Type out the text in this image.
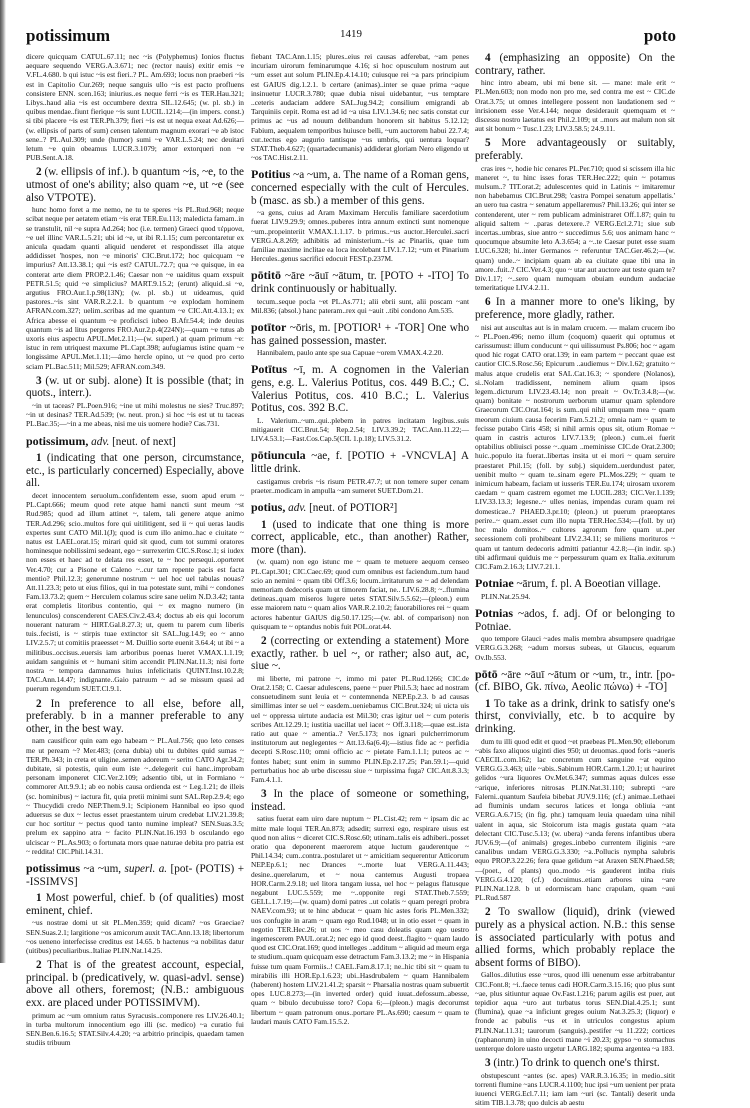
potissimum	1419	poto

dicere quicquam CATUL.67.11; nec ~is (Polyphemus) Ionios fluctus aequare sequendo VERG.A.3.671; nec (rector nauis) exitir emis ~e V.FL.4.680. b qui istuc ~is est fieri..? PL. Am.693; locus non praeberi ~is est in Capitolio Cur.269; neque sanguis ullo ~is est pacto profluens consistere ENN. scen.163; iniurius..es neque ferri ~is es TER.Hau.321; Libys..haud alia ~is est occumbere dextra SIL.12.645; (w. pl. sb.) in quibus mendae..fiunt fierique ~is sunt LUCIL.1214;—(in impers. const.) si tibi placere ~is est TER.Ph.379; fieri ~is est ut nequa exeat Ad.626;—(w. ellipsis of parts of sum) censen talentum magnum exorari ~e ab istoc sene..? PL.Aul.309; unde (humor) sumi ~e VAR.L.5.24; nec deuitari letum ~e quin obeamus LUCR.3.1079; amor extorqueri non ~e PUB.Sent.A.18.

2 (w. ellipsis of inf.). b quantum ~is, ~e, to the utmost of one's ability; also quam ~e, ut ~e (see also VTPOTE).

hunc homo foret a me nemo, ne tu te speres ~is PL.Rud.968; neque scibat neque per aetatem etiam ~is erat TER.Eu.113; maledicta famam..in se transtulit, nil ~e supra Ad.264; hoc (i.e. termen) Graeci quod τέρμονα, ~e uel illinc VAR.L.5.21; ubi id ~e, ut ibi R.1.15; cum percontaretur ex anicula quadam quanti aliquid uenderet et respondisset illa atque addidisset 'hospes, non ~e minoris' CIC.Brut.172; hoc quicquam ~e impurius? Att.13.38.1; qui ~is est? CATUL.72.7; qua ~e quisque, in ea conterat arte diem PROP.2.1.46; Caesar non ~e uaiditus quam exspuit PETR.51.5; quid ~e simplicius? MART.9.15.2; (erunt) aliquid..si ~e, argutius FRO.Aur.1.p.98(13N); (w. pl. sb.) ut uideamus, quid pastores..~is sint VAR.R.2.2.1. b quantum ~e explodam hominem AFRAN.com.327; uelim..scribas ad me quantum ~e CIC.Att.4.13.1; ex Africa abesse ei quantum ~e proficisci iubeo B.Afr.54.4; inde deuius quantum ~is ad litus pergeres FRO.Aur.2.p.4(224N);—quam ~e tutus ab uxoris eius aspectu APUL.Met.2.11;—(w. superl.) at quam primum ~e: istuc in rem utriquest maxume PL.Capt.398; aufugiamus istinc quam ~e longissime APUL.Met.1.11;—ámo hercle opino, ut ~e quod pro certo sciam PL.Bac.511; Mil.529; AFRAN.com.349.

3 (w. ut or subj. alone) It is possible (that; in quots., interr.).

~in ut taceas? PL.Poen.916; ~ine ut mihi molestus ne sies? Truc.897; ~in ut desinas? TER.Ad.539; (w. neut. pron.) si hoc ~is est ut tu taceas PL.Bac.35;—~in a me abeas, nisi me uis uomere hodie? Cas.731.

potissimum, adv. [neut. of next]

1 (indicating that one person, circumstance, etc., is particularly concerned) Especially, above all.

decet innocentem seruolum..confidentem esse, suom apud erum ~ PL.Capt.666; meum quod rete atque hami nancti sunt meum ~st Rud.985; quod ad illum attinet ~, talem, tali genere atque animo TER.Ad.296; scio..multos fore qui uitilitigent, sed ii ~ qui ueras laudis expertes sunt CATO Mil.1(J); quod is cum illo animo..hac e ciuitate ~ natus est LAEL.orat.15; mirari quid sit quod, cum tot summi oratores hominesque nobilissimi sedeant, ego ~ surrexerim CIC.S.Rosc.1; si iudex non esses et haec ad te delata res esset, te ~ hoc persequi..oporteret Ver.4.70; cur a Pisone et Caleno ~..cur tam repente pacis est facta mentio? Phil.12.3; generumne nostrum ~ uel hoc uel tabulas nouas? Att.11.23.3; peto ut eius filios, qui in tua potestate sunt, mihi ~ condones Fam.13.73.2; quem ~ Herculem colamus scire sane uelim N.D.3.42; tanta erat completis litoribus contentio, qui ~ ex magno numero (in lenunculos) conscenderent CAES.Civ.2.43.4; doctus ab eis qui locorum nouerant naturam ~ HIRT.Gal.8.27.3; ut, quem tu parem cum liberis tuis..fecisti, is ~ stirpis tuae extinctor sit SAL.Jug.14.9; eo ~ anno LIV.2.5.7; ut comitiis praeesset ~ M. Duillio sorte euenit 3.64.4; ut ibi ~ a militibus..occisus..euersis iam arboribus poenas lueret V.MAX.1.1.19; auidam sanguinis et ~ humani sitim accendit PLIN.Nat.11.3; nisi forte nostra ~ tempora damnamus huius infelicitatis QUINT.Inst.10.2.8; TAC.Ann.14.47; indignante..Gaio patruum ~ ad se missum quasi ad puerum regendum SUET.Cl.9.1.

2 In preference to all else, before all, preferably. b in a manner preferable to any other, in the best way.

nam causificor quin eam ego habeam ~ PL.Aul.756; quo leto censes me ut peream ~? Mer.483; (cena dubia) ubi tu dubites quid sumas ~ TER.Ph.343; in creta et uligine..semen adoreum ~ serito CATO Agr.34.2; dubitate, si potestis, quin eum iste ~..delegerit cui hanc..improbam personam imponeret CIC.Ver.2.109; adsentio tibi, ut in Formiano ~ commorer Att.9.9.1; ab eo nobis causa ordienda est ~ Leg.1.21; de illeis (sc. hominibus) ~ iactura fit, quia pretii minimi sunt SAL.Rep.2.9.4; ego ~ Thucydidi credo NEP.Them.9.1; Scipionem Hannibal eo ipso quod aduersus se dux ~ lectus esset praestantem uirum credebat LIV.21.39.8; cur hoc sortitur ~ pectus quod tanto numine impleat? SEN.Suas.3.5; prelum ex sappino atra ~ facito PLIN.Nat.16.193 b osculando ego ulciscar ~ PL.As.903; o fortunata mors quae naturae debita pro patria est ~ reddita! CIC.Phil.14.31.

potissimus ~a ~um, superl. a. [pot- (POTIS) + -ISSIMVS]

1 Most powerful, chief. b (of qualities) most eminent, chief.

~us nostrae domi ut sit PL.Men.359; quid dicam? ~os Graeciae? SEN.Suas.2.1; largitione ~os amicorum auxit TAC.Ann.13.18; libertorum ~os ueneno interfecisse creditus est 14.65. b hactenus ~a nobilitas datur (uitibus) peculiaribus..Italiae PLIN.Nat.14.25.

2 That is of the greatest account, especial, principal. b (predicatively, w. quasi-advl. sense) above all others, foremost; (N.B.: ambiguous exx. are placed under POTISSIMVM).

primum ac ~um omnium ratus Syracusis..componere res LIV.26.40.1; in turba multorum innocentium ego illi (sc. medico) ~a curatio fui SEN.Ben.6.16.5; STAT.Silv.4.4.20; ~a arbitrio principis, quaedam tamen studiis tribuum

fiebant TAC.Ann.1.15; plures..eius rei causas adferebat, ~am penes incuriam uirorum feminarumque 4.16; si hoc opusculum nostrum aut ~um esset aut solum PLIN.Ep.4.14.10; cuiusque rei ~a pars principium est GAIUS dig.1.2.1. b certare (animas)..inter se quae prima ~aque insinuetur LUCR.3.780; quae dubia nisui uidebantur, ~us temptare ..ceteris audaciam addere SAL.Jug.94.2; consilium emigrandi ab Tarquiniis cepit. Roma est ad id ~a uisa LIV.1.34.6; nec satis constat cur primus ac ~us ad nouum delibandum honorem sit habitus 5.12.12; Fabium, aequalem temporibus huiusce belli, ~um auctorem habui 22.7.4; cur..tectus ego augurio tantisque ~us umbris, qui uentura loquar? STAT.Theb.4.627; (quartadecumanis) addiderat gloriam Nero eligendo ut ~os TAC.Hist.2.11.

Potitius ~a ~um, a. The name of a Roman gens, concerned especially with the cult of Hercules. b (masc. as sb.) a member of this gens.

~a gens, cuius ad Aram Maximam Herculis familiare sacerdotium fuerat LIV.9.29.9; omnes..puberes intra annum extincti sunt nomenque ~um..propeinteriit V.MAX.1.1.17. b primus..~us auctor..Herculei..sacri VERG.A.8.269; adhibitis ad ministerium..~is ac Pinariis, quae tum familiae maxime inclitae ea loca incolebant LIV.1.7.12; ~um et Pinarium Hercules..genus sacrifici edocuit FEST.p.237M.

pōtitō ~āre ~āuī ~ātum, tr. [POTO + -ITO] To drink continuously or habitually.

tecum..seque pocla ~et PL.As.771; alii ebrii sunt, alii poscam ~ant Mil.836; (absol.) hanc pateram..rex qui ~auit ..tibi condono Am.535.

potītor ~ōris, m. [POTIOR¹ + -TOR] One who has gained possession, master.

Hannibalem, paulo ante spe sua Capuae ~orem V.MAX.4.2.20.

Potītus ~ī, m. A cognomen in the Valerian gens, e.g. L. Valerius Potitus, cos. 449 B.C.; C. Valerius Potitus, cos. 410 B.C.; L. Valerius Potitus, cos. 392 B.C.

L. Valerium..~um..qui..plebem in patres incitatam legibus..suis mitigauerit CIC.Brut.54; Rep.2.54; LIV.3.39.2; TAC.Ann.11.22;—LIV.4.53.1;—Fast.Cos.Cap.5(CIL 1.p.18); LIV.5.31.2.

pōtiuncula ~ae, f. [POTIO + -VNCVLA] A little drink.

castigamus crebris ~is risum PETR.47.7; ut non temere super cenam praeter..modicam in ampulla ~am sumeret SUET.Dom.21.

potius, adv. [neut. of POTIOR²]

1 (used to indicate that one thing is more correct, applicable, etc., than another) Rather, more (than).

(w. quam) non ego istunc me ~ quam te metuere aequom censeo PL.Capt.301; CIC.Caec.69; quod cum omnibus est faciendum..tum haud scio an nemini ~ quam tibi Off.3.6; locum..irritaturum se ~ ad delendam memoriam dedecoris quam ut timorem faciat, ne.. LIV.6.28.8; ~..flumina detineas..quam miseros lugere uetes STAT.Silv.5.5.62;—(pleon.) eum esse maiorem natu ~ quam alios VAR.R.2.10.2; fauorabiliores rei ~ quam actores habentur GAIUS dig.50.17.125;—(w. abl. of comparison) non quisquam te ~ optandus nobis fuit POL.orat.44.

2 (correcting or extending a statement) More exactly, rather. b uel ~, or rather; also aut, ac, siue ~.

mi liberte, mi patrone ~, immo mi pater PL.Rud.1266; CIC.de Orat.2.158; C. Caesar adulescens, paene ~ puer Phil.5.3; haec ad nostram consuetudinem sunt leuia et ~ contemnenda NEP.Ep.2.3. b ad causas simillimas inter se uel ~ easdem..ueniebamus CIC.Brut.324; ui uicta uis uel ~ oppressa uirtute audacia est Mil.30; cras igitur uel ~ cum poteris scribes Att.12.29.1; iustitia uacillat uel iacet ~ Off.3.118;—quae est..ista ratio aut quae ~ amentia..? Ver.5.173; nos ignari pulcherrimorum institutorum aut neglegentes ~ Att.13.6a(6.4);—istius fide ac ~ perfidia decepti S.Rosc.110; omni officio ac ~ pietate Fam.1.1.1; puteos ac ~ fontes habet; sunt enim in summo PLIN.Ep.2.17.25; Pan.59.1;—quid perturbatius hoc ab urbe discessu siue ~ turpissima fuga? CIC.Att.8.3.3; Fam.4.1.1.

3 In the place of someone or something, instead.

satius fuerat eam uiro dare nuptum ~ PL.Cist.42; rem ~ ipsam dic ac mitte male loqui TER.An.873; adsedit; surrexi ego, respirare uisus est quod non alius ~ diceret CIC.S.Rosc.60; utinam..talis eis adhiberi..posset oratio qua deponerent maerorem atque luctum gauderentque ~ Phil.14.34; cum..contra..postularet ut ~ amicitiam sequerentur Atticorum NEP.Ep.6.1; nec Drances ~..morte luat VERG.A.11.443; desine..querelarum, et ~ noua cantemus Augusti tropaea HOR.Carm.2.9.18; uel litora tangam iussa, uel hoc ~ pelagus flatusque negabunt LUC.5.559; me ~..opponite regi STAT.Theb.7.559; GELL.1.7.19;—(w. quam) domi patres ..ut colatis ~ quam peregri probra NAEV.com.93; ut te hinc abducat ~ quam hic astes foris PL.Men.332; uos confugite in aram ~ quam ego Rud.1048; ut in otio esset ~ quam in negotio TER.Hec.26; ut uos ~ meo casu doleatis quam ego uestro ingemescerem PAUL.orat.2; nec ego id quod deest..flagito ~ quam laudo quod est CIC.Orat.169; quod intelleges ..additum ~ aliquid ad meum erga te studium..quam quicquam esse detractum Fam.3.13.2; me ~ in Hispania fuisse tum quam Formiis..! CAEL.Fam.8.17.1; ne..hic tibi sit ~ quam tu mirabilis illi HOR.Ep.1.6.23; ubi..Hasdrubalem ~ quam Hannibalem (haberent) hostem LIV.21.41.2; sparsit ~ Pharsalia nostras quam subuertit opes LUC.8.273;—(in inverted order) quid iuuat..defossum..abesse, quam ~ bibulo decubuisse toro? Copa 6;—(pleon.) magis decorumst libertum ~ quam patronum onus..portare PL.As.690; caesum ~ quam te laudari mauis CATO Fam.15.5.2.

4 (emphasizing an opposite) On the contrary, rather.

hinc intro abeam, ubi mi bene sit. — mane: male erit ~ PL.Men.603; non modo non pro me, sed contra me est ~ CIC.de Orat.3.75; ut omnes intellegere possent non laudationem sed ~ inrisionem esse Ver.4.144; neque desiderauit quemquam et ~ discessu nostro laetatus est Phil.2.109; ut ..mors aut malum non sit aut sit bonum ~ Tusc.1.23; LIV.3.58.5; 24.9.11.

5 More advantageously or suitably, preferably.

cras ires ~, hodie hic cenares PL.Per.710; quod si scissem illa hic maneret ~, tu hinc isses foras TER.Hec.222; quin ~ potamus mulsum..? TIT.orat.2; adulescentes quid in Latinis ~ imitaremur non habebamus CIC.Brut.298; 'castra Pompei senatum appellatis.' an uero tua castra ~ senatum appellaremus? Phil.13.26; qui inter se contenderent, uter ~ rem publicam administraret Off.1.87; quin tu aliquid saltem ~ ..paras detexere..? VERG.Ecl.2.71; siue sub incertas..umbras, siue antro ~ succedimus 5.6; uos animam hanc ~ quocumque absumite leto A.3.654; a ~..te Caesar putet esse suam LUC.6.328; hi..inter Germanos ~ referuntur TAC.Ger.46.2;—(w. quam) unde..~ incipiam quam ab ea ciuitate quae tibi una in amore..fuit..? CIC.Ver.4.3; quo ~ utar aut auctore aut teste quam te? Div.1.17; ~..sero quam numquam obuiam eundum audaciae temeritatique LIV.4.2.11.

6 In a manner more to one's liking, by preference, more gladly, rather.

nisi aut auscultas aut is in malam crucem. — malam crucem ibo ~ PL.Poen.496; nemo illum (coquom) quaerit qui optumus et carissumust: illum conducunt ~ qui uilissumust Ps.806; hoc ~ agam quod hic rogat CATO orat.139; in eam partem ~ peccant quae est cautior CIC.S.Rosc.56; Epicurum ..audiemus ~ Div.1.62; gratuito ~ malus atque crudelis erat SAL.Cat.16.3; ~ spondere (Nolanos), si..Nolam tradidissent, neminem alium quam ipsos legem..dicturum LIV.23.43.14; non preait ~ Ov.Tr.3.4.8;—(w. quam) bonitate ~ nostrorum uerborum utamur quam splendore Graecorum CIC.Orat.164; is sum..qui nihil umquam mea ~ quam meorum ciuium causa fecerim Fam.5.21.2; omnia nam ~ quam te fecisse putabo Ciris 458; si nihil armis opus sit, otium Romae ~ quam in castris acturos LIV.7.13.9; (pleon.) cum..ei fuerit optabilius obliuisci posse ~..quam ..meminisse CIC.de Orat.2.300; huic..populo ita fuerat..libertas insita ut ei mori ~ quam seruire praestaret Phil.15; (foll. by subj.) siquidem..uerdundust pater, uenibit multo ~ quam te..sinam egere PL.Mos.229; ~ quam te inimicum habeam, faciam ut iusseris TER.Eu.174; uirosam uxorem caedam ~ quam castrem egomet me LUCIL.283; CIC.Ver.1.139; LIV.33.13.3; legesne..~ ulles nenias, impendas curam quam rei domesticae..? PHAED.3.pr.10; (pleon.) ut puerum praeoptares perire..~ quam..esset cum illo nupta TER.Hec.534;—(foll. by ut) hoc malo domitos..~ cultores agrorum fore quam ut..per secessionem coli prohibeant LIV.2.34.11; se miliens morituros ~ quam ut tantum dedecoris admitti patiantur 4.2.8;—(in indir. sp.) tibi adfirmaui quiduis me ~ perpessurum quam ex Italia..exiturum CIC.Fam.2.16.3; LIV.7.21.1.

Potniae ~ārum, f. pl. A Boeotian village.

PLIN.Nat.25.94.

Potnias ~ados, f. adj. Of or belonging to Potniae.

quo tempore Glauci ~ades malis membra absumpsere quadrigae VERG.G.3.268; ~adum morsus subeas, ut Glaucus, equarum Ov.Ib.553.

pōtō ~āre ~āuī ~ātum or ~um, tr., intr. [po- (cf. BIBO, Gk. πίνω, Aeolic πώνω) + -TO]

1 To take as a drink, drink to satisfy one's thirst, convivially, etc. b to acquire by drinking.

dum tu illi quod edit et quod ~et praebeas PL.Men.90; elleborum ~abis faxo aliquos uiginti dies 950; ut deuomas..quod foris ~aueris CAECIL.com.162; lac concretum cum sanguine ~at equino VERG.G.3.463; uile ~abis..Sabinum HOR.Carm.1.20.1; ut hauriret gelidos ~ura liquores Ov.Met.6.347; summas aquas dulces esse ~arique, inferiores nitrosas PLIN.Nat.31.110; subrepti ~are Falerni..quantum Saufeia bibebat JUV.9.116; (cf.) animae..Lethaei ad fluminis undam securos latices et longa obliuia ~ant VERG.A.6.715; (in fig. phr.) tamquam leuia quaedam uina nihil ualent in aqua, sic Stoicorum ista magis gustata quam ~ata delectant CIC.Tusc.5.13; (w. ubera) ~anda ferens infantibus ubera JUV.6.9;—(of animals) greges..inbebo currentem iliginis ~are canalibus undam VERG.G.3.330; ~a..Pollucis nympha salubris equo PROP.3.22.26; fera quae gelidum ~at Araxen SEN.Phaed.58;—(poet., of plants) quo..modo ~is gauderent intiba riuis VERG.G.4.120; (cf.) docuimus..etiam arbores uina ~are PLIN.Nat.12.8. b ut edormiscam hanc crapulam, quam ~aui PL.Rud.587

2 To swallow (liquid), drink (viewed purely as a physical action. N.B.: this sense is associated particularly with potus and allied forms, which probably replace the absent forms of BIBO).

Gallos..dilutius esse ~uros, quod illi uenenum esse arbitrabantur CIC.Font.8; ~i..faece tenus cadi HOR.Carm.3.15.16; quo plus sunt ~ae, plus sitiuntur aquae Ov.Fast.1.216; parum agilis est puer, aut tepidior aqua ~uro aut turbatus torus SEN.Dial.4.25.1; sunt (flumina), quae ~a inficiunt greges ouium Nat.3.25.3; (liquor) e fronde ac pabulis ~us et in utriculos congestus apium PLIN.Nat.11.31; taurorum (sanguis)..pestifer ~u 11.222; cortices (raphanorum) in uino decocti mane ~i 20.23; gypso ~o stomachus uenterque dolore uasto urgetur LARG.182; spuma argentea ~a 183.

3 (intr.) To drink to quench one's thirst.

obstupescunt ~antes (sc. apes) VAR.R.3.16.35; in medio..sitit torrenti flumine ~ans LUCR.4.1100; huc ipsi ~um uenient per prata iuuenci VERG.Ecl.7.11; iam iam ~uri (sc. Tantali) deserit unda sitim TIB.1.3.78; quo dulcis ab aestu
